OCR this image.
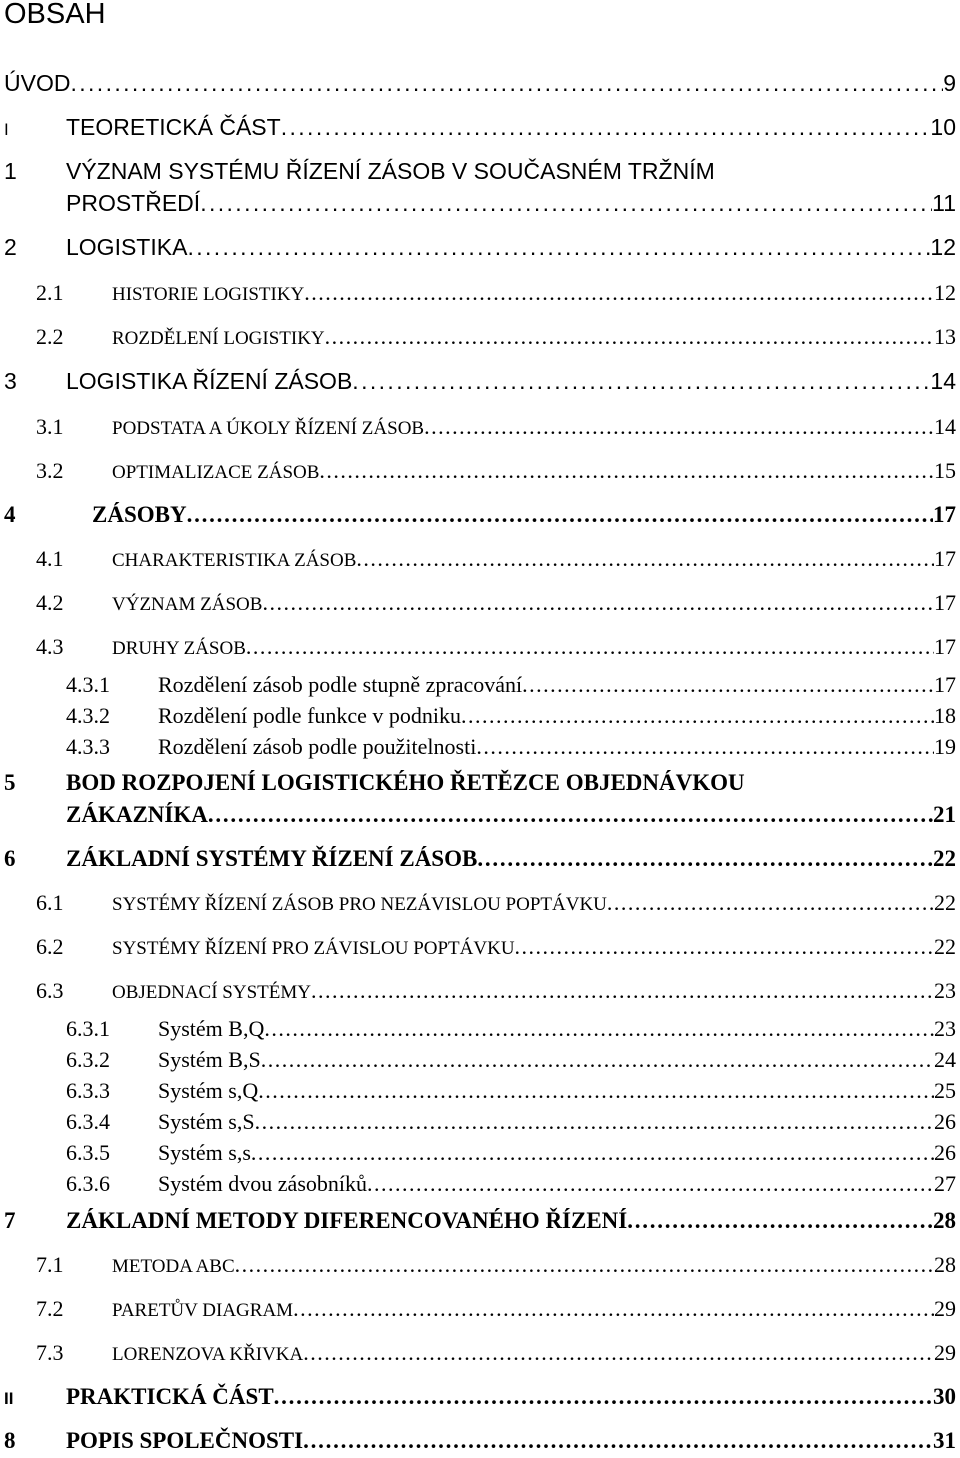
OBSAH
ÚVOD . . .	9
I	TEORETICKÁ ČÁST . . .	10
1 VÝZNAM SYSTÉMU ŘÍZENÍ ZÁSOB V SOUČASNÉM TRŽNÍM
PROSTŘEDÍ . . .	11
2	LOGISTIKA . . .	12
2.1	HISTORIE LOGISTIKY . . .	12
2.2	ROZDĚLENÍ LOGISTIKY . . .	13
3	LOGISTIKA ŘÍZENÍ ZÁSOB . . .	14
3.1	PODSTATA A ÚKOLY ŘÍZENÍ ZÁSOB . . .	14
3.2	OPTIMALIZACE ZÁSOB . . .	15
4	ZÁSOBY . . .	17
4.1	CHARAKTERISTIKA ZÁSOB . . .	17
4.2	VÝZNAM ZÁSOB . . .	17
4.3	DRUHY ZÁSOB . . .	17
4.3.1	Rozdělení zásob podle stupně zpracování . . .	17
4.3.2	Rozdělení podle funkce v podniku . . .	18
4.3.3	Rozdělení zásob podle použitelnosti . . .	19
5 BOD ROZPOJENÍ LOGISTICKÉHO ŘETĚZCE OBJEDNÁVKOU
ZÁKAZNÍKA . . .	21
6	ZÁKLADNÍ SYSTÉMY ŘÍZENÍ ZÁSOB . . .	22
6.1	SYSTÉMY ŘÍZENÍ ZÁSOB PRO NEZÁVISLOU POPTÁVKU . . .	22
6.2	SYSTÉMY ŘÍZENÍ PRO ZÁVISLOU POPTÁVKU . . .	22
6.3	OBJEDNACÍ SYSTÉMY . . .	23
6.3.1	Systém B,Q . . .	23
6.3.2	Systém B,S . . .	24
6.3.3	Systém s,Q . . .	25
6.3.4	Systém s,S . . .	26
6.3.5	Systém s,s . . .	26
6.3.6	Systém dvou zásobníků . . .	27
7	ZÁKLADNÍ METODY DIFERENCOVANÉHO ŘÍZENÍ . . .	28
7.1	METODA ABC . . .	28
7.2	PARETŮV DIAGRAM . . .	29
7.3	LORENZOVA KŘIVKA . . .	29
II	PRAKTICKÁ ČÁST . . .	30
8	POPIS SPOLEČNOSTI . . .	31
